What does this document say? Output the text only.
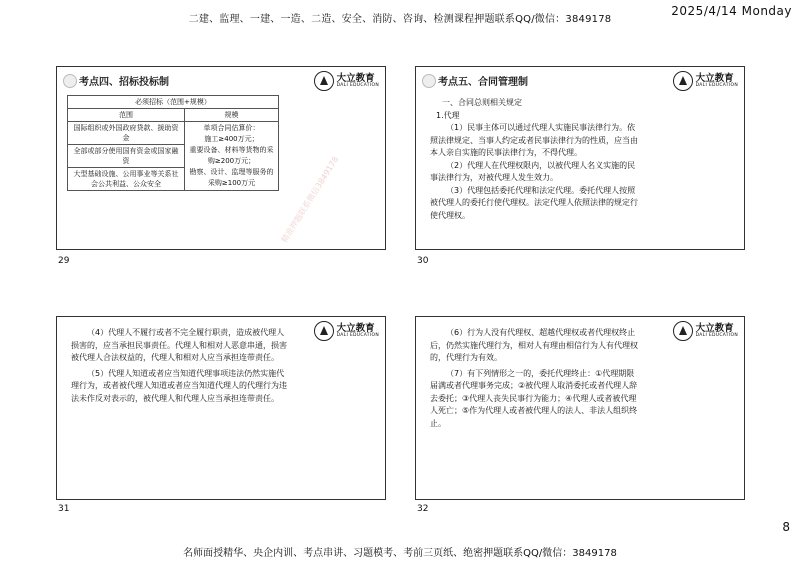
二建、监理、一建、一造、二造、安全、消防、咨询、检测课程押题联系QQ/微信：3849178
2025/4/14 Monday
名师面授精华、央企内训、考点串讲、习题模考、考前三页纸、绝密押题联系QQ/微信：3849178
8
考点四、招标投标制	大立教育
DALI EDUCATION
必须招标（范围+规模）	
范围	规模
国际组织或外国政府贷款、援助资金	单项合同估算价：
施工≥400万元；
重要设备、材料等货物的采购≥200万元；
勘察、设计、监理等服务的采购≥100万元

全部或部分使用国有资金或国家融资	
大型基础设施、公用事业等关系社会公共利益、公众安全		精准押题联系微信3849178
29
考点五、合同管理制	大立教育
DALI EDUCATION

一、合同总则相关规定

1.代理

（1）民事主体可以通过代理人实施民事法律行为。依照法律规定、当事人约定或者民事法律行为的性质，应当由本人亲自实施的民事法律行为，不得代理。

（2）代理人在代理权限内，以被代理人名义实施的民事法律行为，对被代理人发生效力。

（3）代理包括委托代理和法定代理。委托代理人按照被代理人的委托行使代理权。法定代理人依照法律的规定行使代理权。

30
大立教育
DALI EDUCATION

（4）代理人不履行或者不完全履行职责，造成被代理人损害的，应当承担民事责任。代理人和相对人恶意串通，损害被代理人合法权益的，代理人和相对人应当承担连带责任。

（5）代理人知道或者应当知道代理事项违法仍然实施代理行为，或者被代理人知道或者应当知道代理人的代理行为违法未作反对表示的，被代理人和代理人应当承担连带责任。

31
大立教育
DALI EDUCATION

（6）行为人没有代理权、超越代理权或者代理权终止后，仍然实施代理行为，相对人有理由相信行为人有代理权的，代理行为有效。

（7）有下列情形之一的，委托代理终止：①代理期限届满或者代理事务完成；②被代理人取消委托或者代理人辞去委托；③代理人丧失民事行为能力；④代理人或者被代理人死亡；⑤作为代理人或者被代理人的法人、非法人组织终止。

32
